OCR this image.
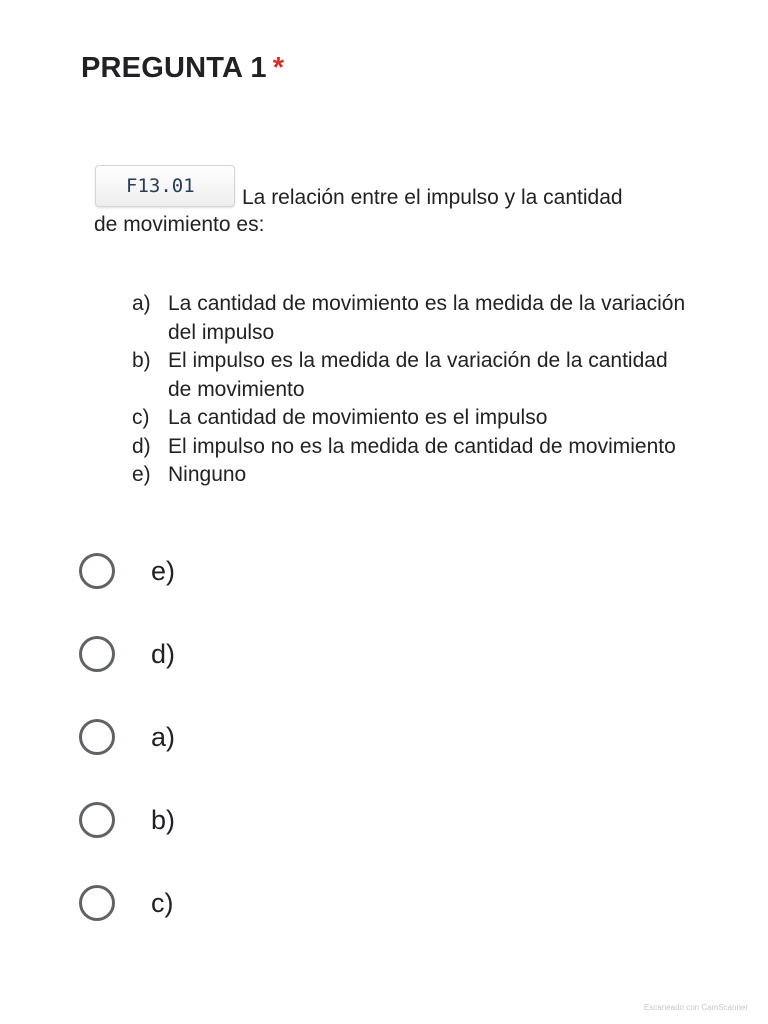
PREGUNTA 1 *
F13.01	La relación entre el impulso y la cantidad
de movimiento es:
a) La cantidad de movimiento es la medida de la variación del impulso
b) El impulso es la medida de la variación de la cantidad de movimiento
c) La cantidad de movimiento es el impulso
d) El impulso no es la medida de cantidad de movimiento
e) Ninguno
e)
d)
a)
b)
c)
Escaneado con CamScanner
